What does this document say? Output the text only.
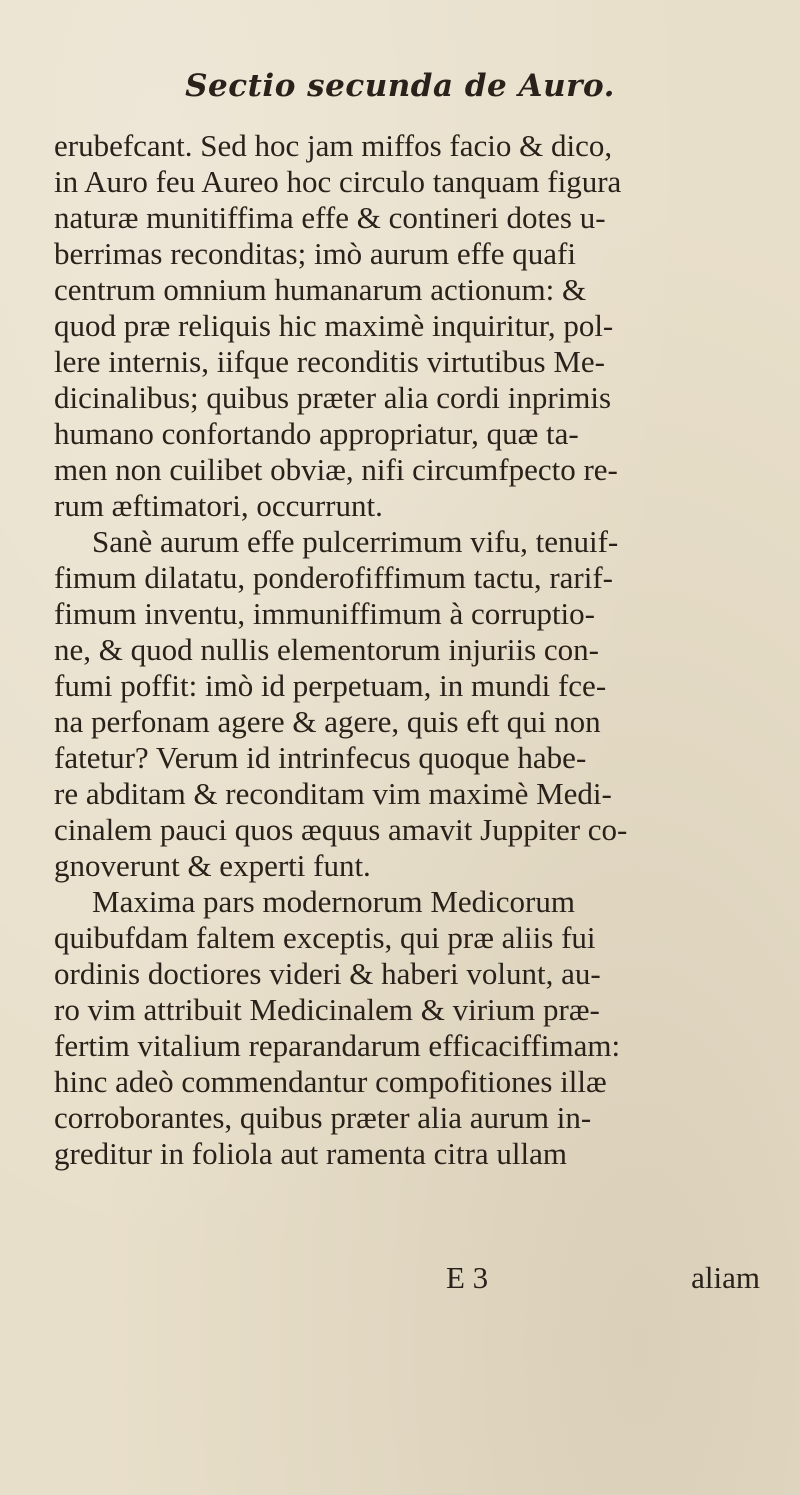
Sectio secunda de Auro.
erubefcant. Sed hoc jam miffos facio & dico,
in Auro feu Aureo hoc circulo tanquam figura
naturæ munitiffima effe & contineri dotes u-
berrimas reconditas; imò aurum effe quafi
centrum omnium humanarum actionum: &
quod præ reliquis hic maximè inquiritur, pol-
lere internis, iifque reconditis virtutibus Me-
dicinalibus; quibus præter alia cordi inprimis
humano confortando appropriatur, quæ ta-
men non cuilibet obviæ, nifi circumfpecto re-
rum æftimatori, occurrunt.
Sanè aurum effe pulcerrimum vifu, tenuif-
fimum dilatatu, ponderofiffimum tactu, rarif-
fimum inventu, immuniffimum à corruptio-
ne, & quod nullis elementorum injuriis con-
fumi poffit: imò id perpetuam, in mundi fce-
na perfonam agere & agere, quis eft qui non
fatetur? Verum id intrinfecus quoque habe-
re abditam & reconditam vim maximè Medi-
cinalem pauci quos æquus amavit Juppiter co-
gnoverunt & experti funt.
Maxima pars modernorum Medicorum
quibufdam faltem exceptis, qui præ aliis fui
ordinis doctiores videri & haberi volunt, au-
ro vim attribuit Medicinalem & virium præ-
fertim vitalium reparandarum efficaciffimam:
hinc adeò commendantur compofitiones illæ
corroborantes, quibus præter alia aurum in-
greditur in foliola aut ramenta citra ullam
E 3	aliam
